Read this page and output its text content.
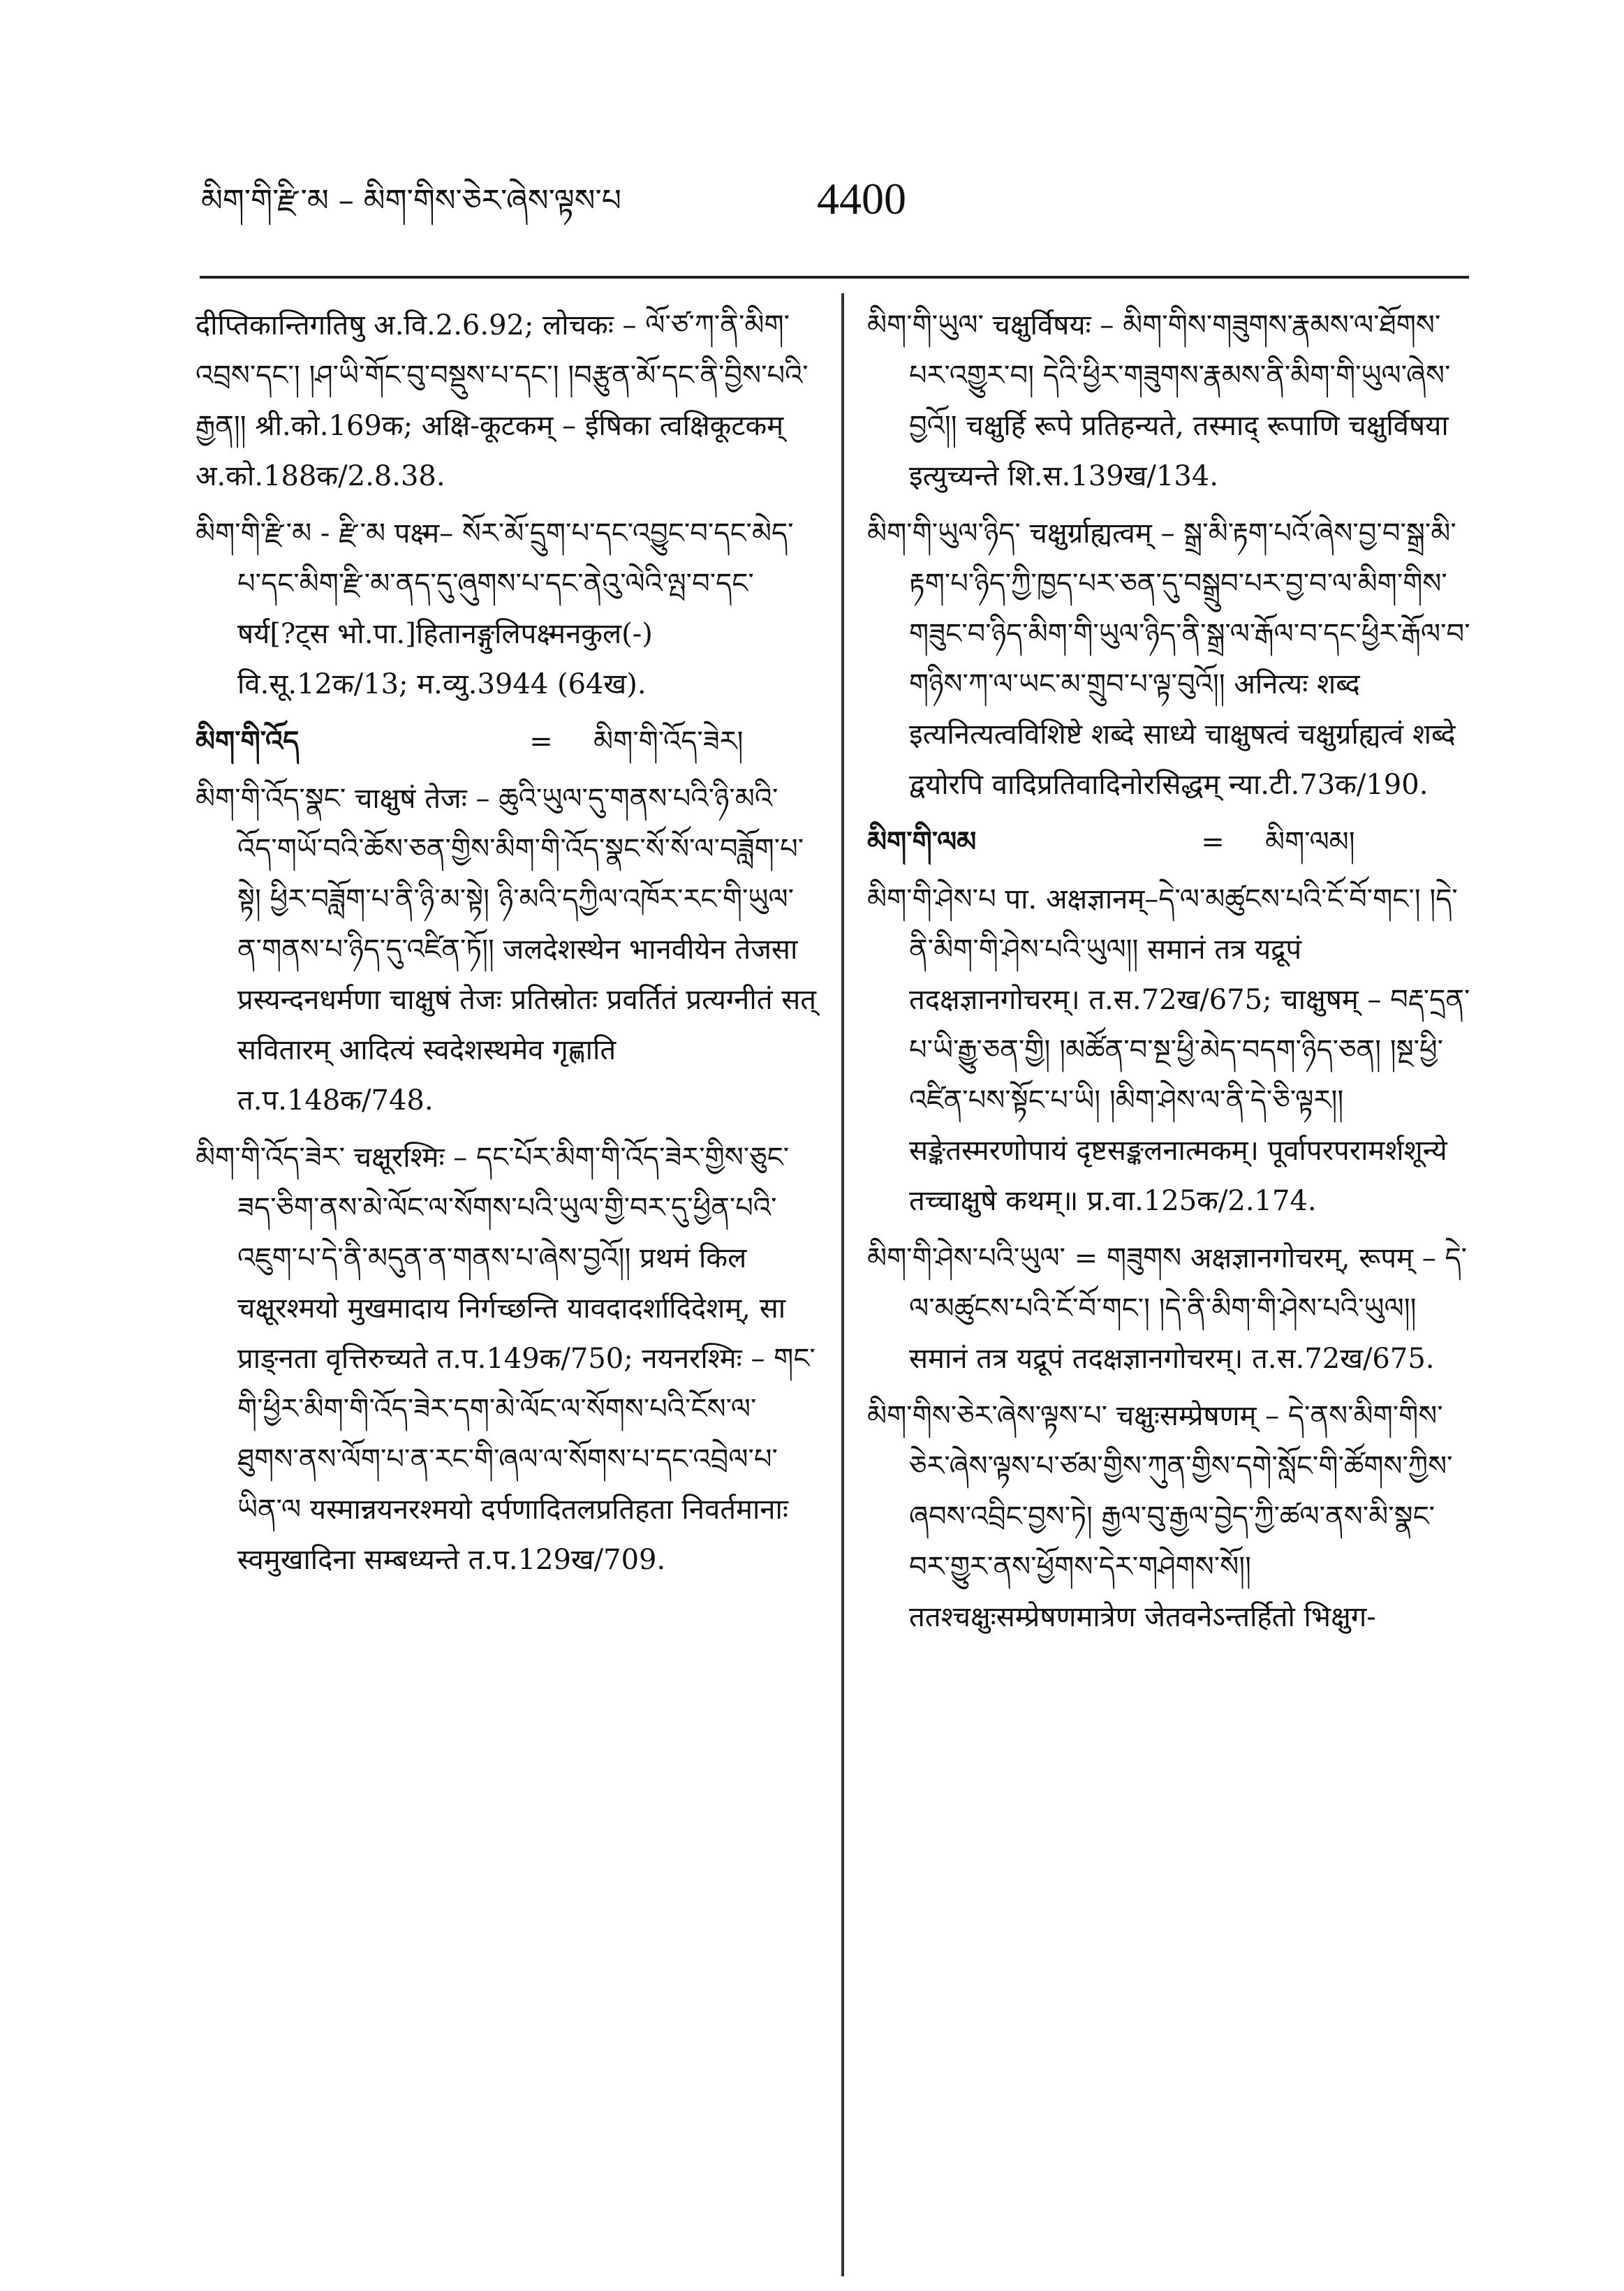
མིག་གི་རྫི་མ – མིག་གིས་ཅེར་ཞེས་ལྟས་པ	4400

दीप्तिकान्तिगतिषु अ.वि.2.6.92; लोचकः – ལོ་ཙ་ཀ་ནི་མིག་འབྲས་དང་། །ཤ་ཡི་གོང་བུ་བསྡུས་པ་དང་། །བརྩུན་མོ་དང་ནི་བྱིས་པའི་རྒྱན།། श्री.को.169क; अक्षि-कूटकम् – ईषिका त्वक्षिकूटकम् अ.को.188क/2.8.38.

མིག་གི་རྫི་མ - རྫི་མ पक्ष्म– སོར་མོ་དྲུག་པ་དང་འབྱུང་བ་དང་མེད་པ་དང་མིག་རྫི་མ་ནད་དུ་ཞུགས་པ་དང་ནེའུ་ལེའི་ལྤ་བ་དང་ षर्य[?ट्स भो.पा.]हितानङ्गुलिपक्ष्मनकुल(-) वि.सू.12क/13; म.व्यु.3944 (64ख).

མིག་གི་འོད	=	མིག་གི་འོད་ཟེར།

མིག་གི་འོད་སྣང་ चाक्षुषं तेजः – ཆུའི་ཡུལ་དུ་གནས་པའི་ཉི་མའི་འོད་གཡོ་བའི་ཆོས་ཅན་གྱིས་མིག་གི་འོད་སྣང་སོ་སོ་ལ་བཟློག་པ་སྟེ། ཕྱིར་བཟློག་པ་ནི་ཉི་མ་སྟེ། ཉི་མའི་དཀྱིལ་འཁོར་རང་གི་ཡུལ་ན་གནས་པ་ཉིད་དུ་འཛིན་ཏོ།། जलदेशस्थेन भानवीयेन तेजसा प्रस्यन्दनधर्मणा चाक्षुषं तेजः प्रतिस्रोतः प्रवर्तितं प्रत्यग्नीतं सत् सवितारम् आदित्यं स्वदेशस्थमेव गृह्णाति त.प.148क/748.

མིག་གི་འོད་ཟེར་ चक्षूरश्मिः – དང་པོར་མིག་གི་འོད་ཟེར་གྱིས་ཅུང་ཟད་ཅིག་ནས་མེ་ལོང་ལ་སོགས་པའི་ཡུལ་གྱི་བར་དུ་ཕྱིན་པའི་འཇུག་པ་དེ་ནི་མདུན་ན་གནས་པ་ཞེས་བྱའོ།། प्रथमं किल चक्षूरश्मयो मुखमादाय निर्गच्छन्ति यावदादर्शादिदेशम्, सा प्राङ्नता वृत्तिरुच्यते त.प.149क/750; नयनरश्मिः – གང་གི་ཕྱིར་མིག་གི་འོད་ཟེར་དག་མེ་ལོང་ལ་སོགས་པའི་ངོས་ལ་ཐུགས་ནས་ལོག་པ་ན་རང་གི་ཞལ་ལ་སོགས་པ་དང་འབྲེལ་པ་ཡིན་ལ यस्मान्नयनरश्मयो दर्पणादितलप्रतिहता निवर्तमानाः स्वमुखादिना सम्बध्यन्ते त.प.129ख/709.

མིག་གི་ཡུལ་ चक्षुर्विषयः – མིག་གིས་གཟུགས་རྣམས་ལ་ཐོགས་པར་འགྱུར་བ། དེའི་ཕྱིར་གཟུགས་རྣམས་ནི་མིག་གི་ཡུལ་ཞེས་བྱའོ།། चक्षुर्हि रूपे प्रतिहन्यते, तस्माद् रूपाणि चक्षुर्विषया इत्युच्यन्ते शि.स.139ख/134.

མིག་གི་ཡུལ་ཉིད་ चक्षुर्ग्राह्यत्वम् – སྒྲ་མི་རྟག་པའོ་ཞེས་བྱ་བ་སྒྲ་མི་རྟག་པ་ཉིད་ཀྱི་ཁྱད་པར་ཅན་དུ་བསྒྲུབ་པར་བྱ་བ་ལ་མིག་གིས་གཟུང་བ་ཉིད་མིག་གི་ཡུལ་ཉིད་ནི་སྒྲ་ལ་རྒོལ་བ་དང་ཕྱིར་རྒོལ་བ་གཉིས་ཀ་ལ་ཡང་མ་གྲུབ་པ་ལྟ་བུའོ།། अनित्यः शब्द इत्यनित्यत्वविशिष्टे शब्दे साध्ये चाक्षुषत्वं चक्षुर्ग्राह्यत्वं शब्दे द्वयोरपि वादिप्रतिवादिनोरसिद्धम् न्या.टी.73क/190.

མིག་གི་ལམ	=	མིག་ལམ།

མིག་གི་ཤེས་པ पा. अक्षज्ञानम्–དེ་ལ་མཚུངས་པའི་ངོ་བོ་གང་། །དེ་ནི་མིག་གི་ཤེས་པའི་ཡུལ།། समानं तत्र यद्रूपं तदक्षज्ञानगोचरम्। त.स.72ख/675; चाक्षुषम् – བརྡ་དྲན་པ་ཡི་རྒྱུ་ཅན་གྱི། །མཚོན་བ་སྔ་ཕྱི་མེད་བདག་ཉིད་ཅན། །སྔ་ཕྱི་འཛིན་པས་སྟོང་པ་ཡི། །མིག་ཤེས་ལ་ནི་དེ་ཅི་ལྟར།། सङ्केतस्मरणोपायं दृष्टसङ्कलनात्मकम्। पूर्वापरपरामर्शशून्ये तच्चाक्षुषे कथम्॥ प्र.वा.125क/2.174.

མིག་གི་ཤེས་པའི་ཡུལ་ = གཟུགས अक्षज्ञानगोचरम्, रूपम् – དེ་ལ་མཚུངས་པའི་ངོ་བོ་གང་། །དེ་ནི་མིག་གི་ཤེས་པའི་ཡུལ།། समानं तत्र यद्रूपं तदक्षज्ञानगोचरम्। त.स.72ख/675.

མིག་གིས་ཅེར་ཞེས་ལྟས་པ་ चक्षुःसम्प्रेषणम् – དེ་ནས་མིག་གིས་ཅེར་ཞེས་ལྟས་པ་ཙམ་གྱིས་ཀུན་གྱིས་དགེ་སློང་གི་ཚོགས་ཀྱིས་ཞབས་འབྲིང་བྱས་ཏེ། རྒྱལ་བུ་རྒྱལ་བྱེད་ཀྱི་ཚལ་ནས་མི་སྣང་བར་གྱུར་ནས་ཕྱོགས་དེར་གཤེགས་སོ།། ततश्चक्षुःसम्प्रेषणमात्रेण जेतवनेऽन्तर्हितो भिक्षुग-
